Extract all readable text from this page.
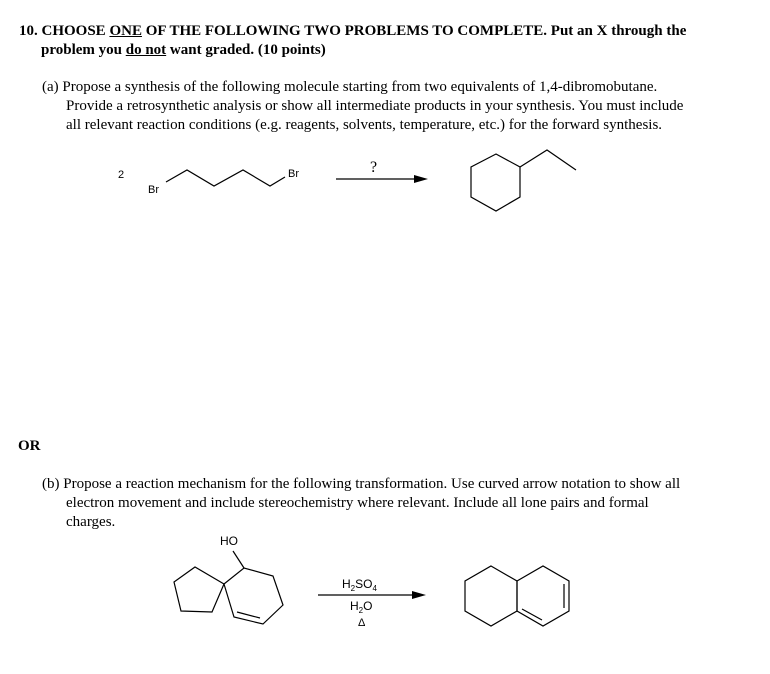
10. CHOOSE ONE OF THE FOLLOWING TWO PROBLEMS TO COMPLETE. Put an X through the
problem you do not want graded. (10 points)
(a) Propose a synthesis of the following molecule starting from two equivalents of 1,4-dibromobutane.
Provide a retrosynthetic analysis or show all intermediate products in your synthesis. You must include
all relevant reaction conditions (e.g. reagents, solvents, temperature, etc.) for the forward synthesis.
2
Br
Br	?
OR
(b) Propose a reaction mechanism for the following transformation. Use curved arrow notation to show all
electron movement and include stereochemistry where relevant. Include all lone pairs and formal
charges.
HO
$H_2SO_4$
$H_2O$
Δ
